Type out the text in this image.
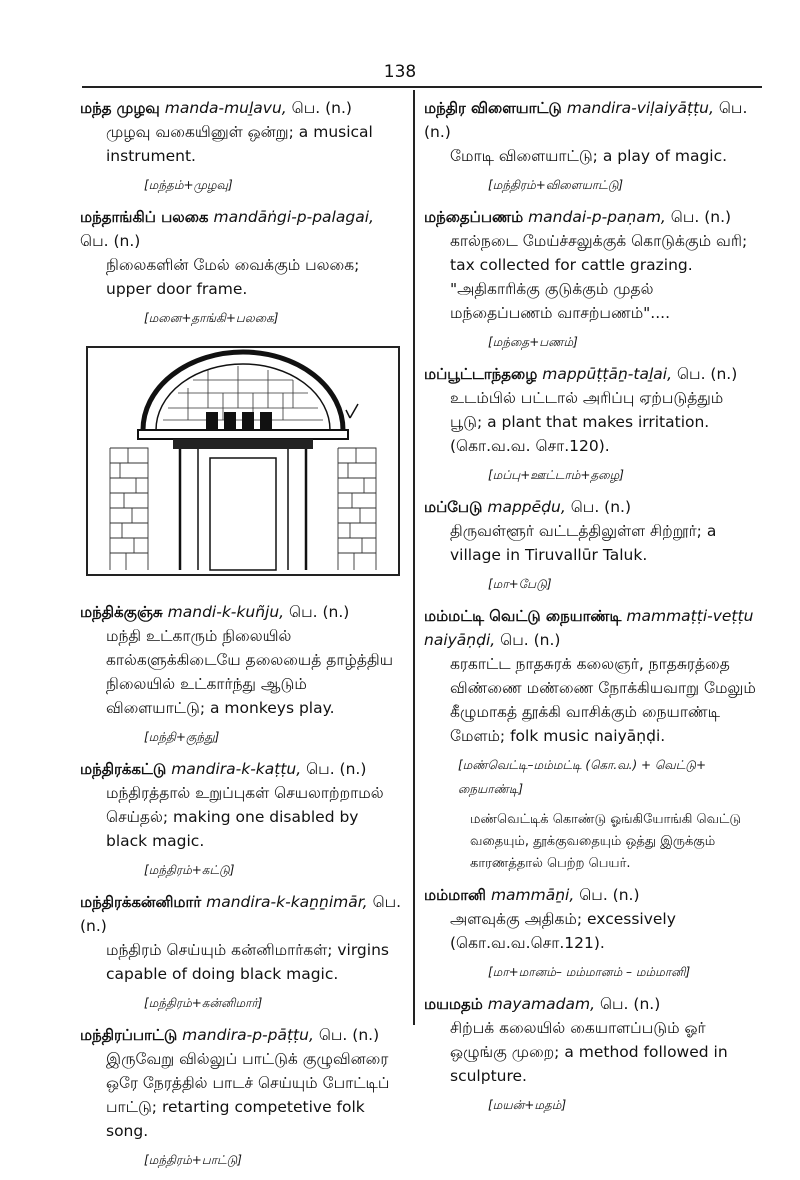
138
மந்த முழவு manda-muḻavu, பெ. (n.)
முழவு வகையினுள் ஒன்று; a musical instrument.
[மந்தம்+முழவு]
மந்தாங்கிப் பலகை mandāṅgi-p-palagai, பெ. (n.)
நிலைகளின் மேல் வைக்கும் பலகை; upper door frame.
[மனை+தாங்கி+பலகை]
மந்திக்குஞ்சு mandi-k-kuñju, பெ. (n.)
மந்தி உட்காரும் நிலையில் கால்களுக்கிடையே தலையைத் தாழ்த்திய நிலையில் உட்கார்ந்து ஆடும் விளையாட்டு; a monkeys play.
[மந்தி+குந்து]
மந்திரக்கட்டு mandira-k-kaṭṭu, பெ. (n.)
மந்திரத்தால் உறுப்புகள் செயலாற்றாமல் செய்தல்; making one disabled by black magic.
[மந்திரம்+கட்டு]
மந்திரக்கன்னிமார் mandira-k-kaṉṉimār, பெ. (n.)
மந்திரம் செய்யும் கன்னிமார்கள்; virgins capable of doing black magic.
[மந்திரம்+கன்னிமார்]
மந்திரப்பாட்டு mandira-p-pāṭṭu, பெ. (n.)
இருவேறு வில்லுப் பாட்டுக் குழுவினரை ஒரே நேரத்தில் பாடச் செய்யும் போட்டிப் பாட்டு; retarting competetive folk song.
[மந்திரம்+பாட்டு]
மந்திர விளையாட்டு mandira-viḷaiyāṭṭu, பெ. (n.)
மோடி விளையாட்டு; a play of magic.
[மந்திரம்+விளையாட்டு]
மந்தைப்பணம் mandai-p-paṇam, பெ. (n.)
கால்நடை மேய்ச்சலுக்குக் கொடுக்கும் வரி; tax collected for cattle grazing. "அதிகாரிக்கு குடுக்கும் முதல் மந்தைப்பணம் வாசற்பணம்"....
[மந்தை+பணம்]
மப்பூட்டாந்தழை mappūṭṭāṉ-taḻai, பெ. (n.)
உடம்பில் பட்டால் அரிப்பு ஏற்படுத்தும் பூடு; a plant that makes irritation. (கொ.வ.வ. சொ.120).
[மப்பு+ஊட்டாம்+தழை]
மப்பேடு mappēḍu, பெ. (n.)
திருவள்ளூர் வட்டத்திலுள்ள சிற்றூர்; a village in Tiruvallūr Taluk.
[மா+பேடு]
மம்மட்டி வெட்டு நையாண்டி mammaṭṭi-veṭṭu naiyāṇḍi, பெ. (n.)
கரகாட்ட நாதசுரக் கலைஞர், நாதசுரத்தை விண்ணை மண்ணை நோக்கியவாறு மேலும் கீழுமாகத் தூக்கி வாசிக்கும் நையாண்டி மேளம்; folk music naiyāṇḍi.
[மண்வெட்டி–மம்மட்டி (கொ.வ.) + வெட்டு+ நையாண்டி]
மண்வெட்டிக் கொண்டு ஓங்கியோங்கி வெட்டு வதையும், தூக்குவதையும் ஒத்து இருக்கும் காரணத்தால் பெற்ற பெயர்.
மம்மானி mammāṉi, பெ. (n.)
அளவுக்கு அதிகம்; excessively (கொ.வ.வ.சொ.121).
[மா+மானம்– மம்மானம் – மம்மானி]
மயமதம் mayamadam, பெ. (n.)
சிற்பக் கலையில் கையாளப்படும் ஓர் ஒழுங்கு முறை; a method followed in sculpture.
[மயன்+மதம்]
